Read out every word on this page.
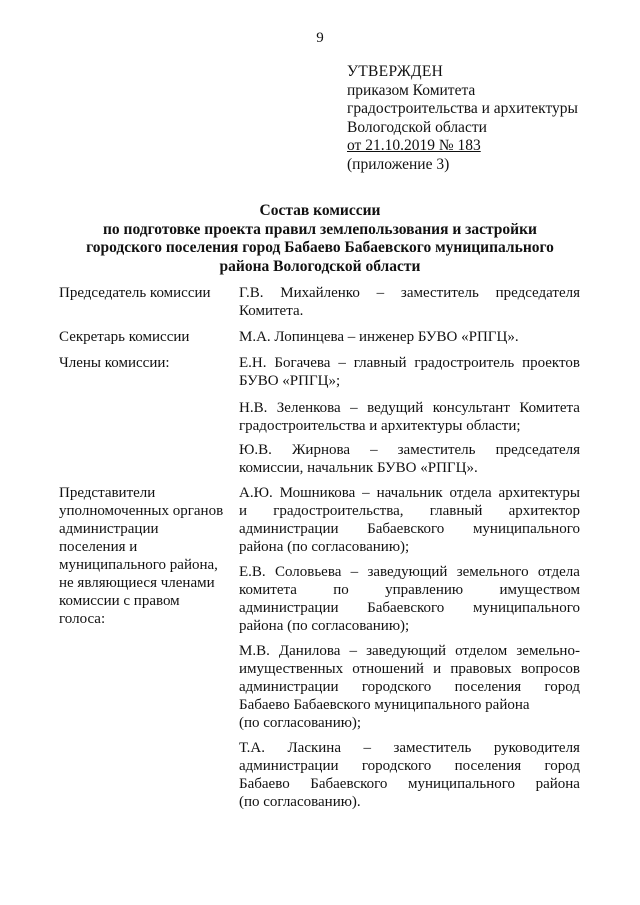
9
УТВЕРЖДЕН
приказом Комитета
градостроительства и архитектуры
Вологодской области
от 21.10.2019 № 183
(приложение 3)
Состав комиссии
по подготовке проекта правил землепользования и застройки
городского поселения город Бабаево Бабаевского муниципального
района Вологодской области
Председатель комиссии
Секретарь комиссии
Члены комиссии:
Представители
уполномоченных органов
администрации
поселения и
муниципального района,
не являющиеся членами
комиссии с правом
голоса:
Г.В. Михайленко – заместитель председателя
Комитета.
М.А. Лопинцева – инженер БУВО «РПГЦ».
Е.Н. Богачева – главный градостроитель проектов
БУВО «РПГЦ»;
Н.В. Зеленкова – ведущий консультант Комитета
градостроительства и архитектуры области;
Ю.В. Жирнова – заместитель председателя
комиссии, начальник БУВО «РПГЦ».
А.Ю. Мошникова – начальник отдела архитектуры
и градостроительства, главный архитектор
администрации Бабаевского муниципального
района (по согласованию);
Е.В. Соловьева – заведующий земельного отдела
комитета по управлению имуществом
администрации Бабаевского муниципального
района (по согласованию);
М.В. Данилова – заведующий отделом земельно-
имущественных отношений и правовых вопросов
администрации городского поселения город
Бабаево Бабаевского муниципального района
(по согласованию);
Т.А. Ласкина – заместитель руководителя
администрации городского поселения город
Бабаево Бабаевского муниципального района
(по согласованию).
